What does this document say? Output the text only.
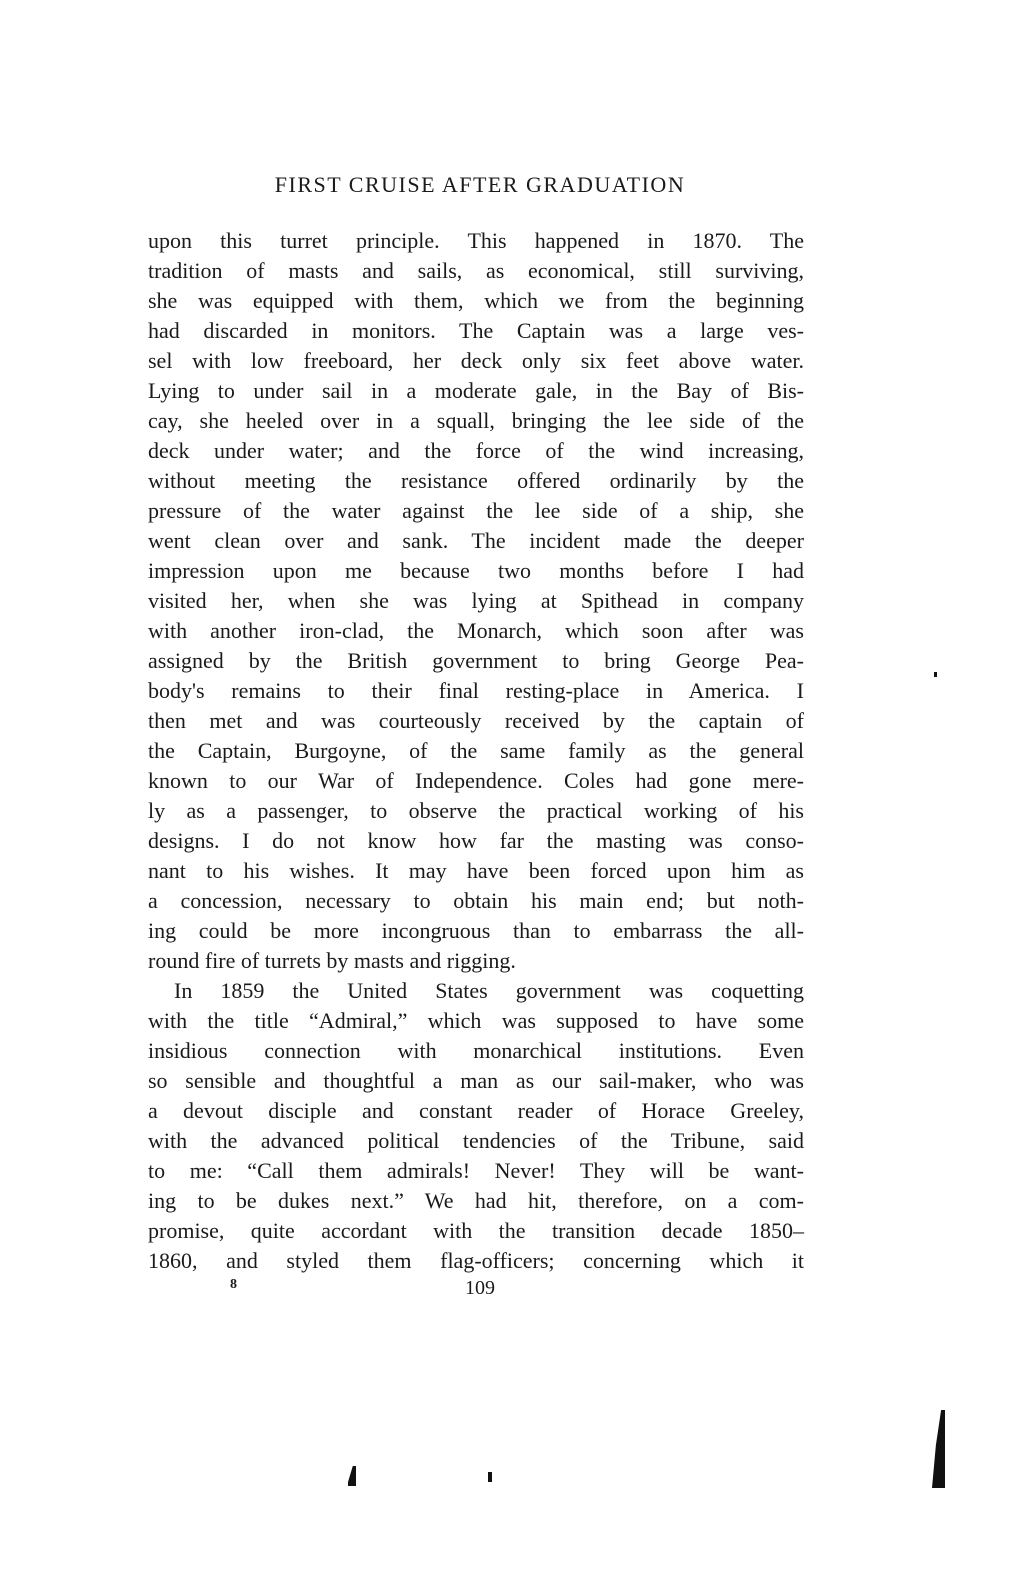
FIRST CRUISE AFTER GRADUATION
upon this turret principle. This happened in 1870. The
tradition of masts and sails, as economical, still surviving,
she was equipped with them, which we from the beginning
had discarded in monitors. The Captain was a large ves-
sel with low freeboard, her deck only six feet above water.
Lying to under sail in a moderate gale, in the Bay of Bis-
cay, she heeled over in a squall, bringing the lee side of the
deck under water; and the force of the wind increasing,
without meeting the resistance offered ordinarily by the
pressure of the water against the lee side of a ship, she
went clean over and sank. The incident made the deeper
impression upon me because two months before I had
visited her, when she was lying at Spithead in company
with another iron-clad, the Monarch, which soon after was
assigned by the British government to bring George Pea-
body's remains to their final resting-place in America. I
then met and was courteously received by the captain of
the Captain, Burgoyne, of the same family as the general
known to our War of Independence. Coles had gone mere-
ly as a passenger, to observe the practical working of his
designs. I do not know how far the masting was conso-
nant to his wishes. It may have been forced upon him as
a concession, necessary to obtain his main end; but noth-
ing could be more incongruous than to embarrass the all-
round fire of turrets by masts and rigging.
In 1859 the United States government was coquetting
with the title “Admiral,” which was supposed to have some
insidious connection with monarchical institutions. Even
so sensible and thoughtful a man as our sail-maker, who was
a devout disciple and constant reader of Horace Greeley,
with the advanced political tendencies of the Tribune, said
to me: “Call them admirals! Never! They will be want-
ing to be dukes next.” We had hit, therefore, on a com-
promise, quite accordant with the transition decade 1850–
1860, and styled them flag-officers; concerning which it
8	109
